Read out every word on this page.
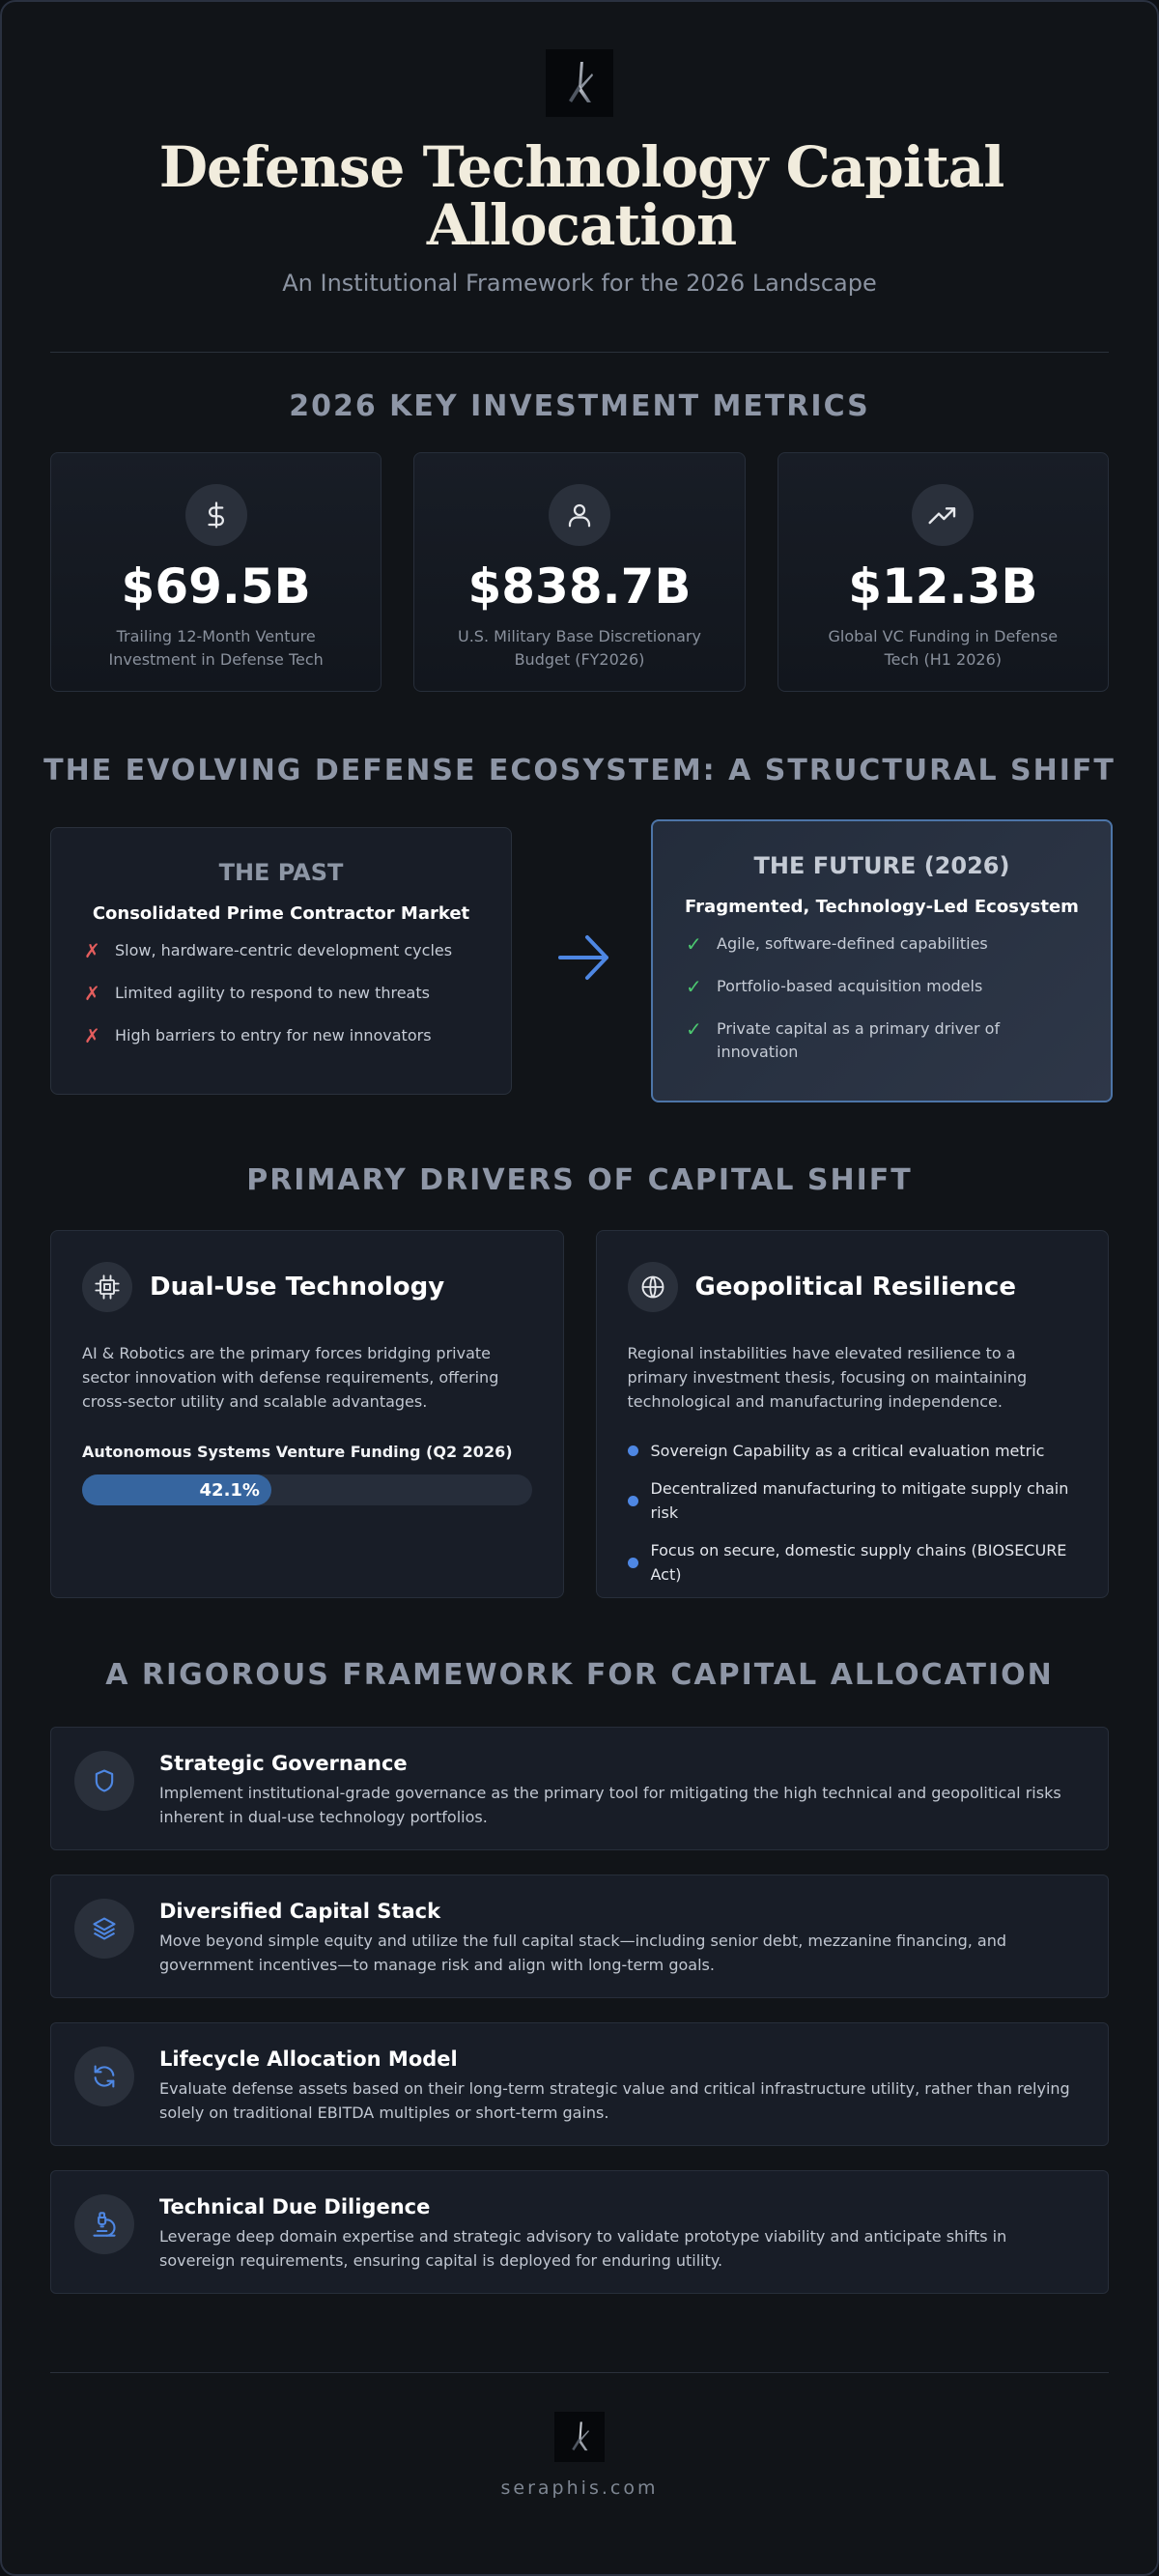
Defense Technology Capital Allocation
An Institutional Framework for the 2026 Landscape
2026 KEY INVESTMENT METRICS
$69.5B
Trailing 12-Month Venture Investment in Defense Tech
$838.7B
U.S. Military Base Discretionary Budget (FY2026)
$12.3B
Global VC Funding in Defense Tech (H1 2026)
THE EVOLVING DEFENSE ECOSYSTEM: A STRUCTURAL SHIFT
THE PAST
Consolidated Prime Contractor Market
✗ Slow, hardware-centric development cycles
✗ Limited agility to respond to new threats
✗ High barriers to entry for new innovators
THE FUTURE (2026)
Fragmented, Technology-Led Ecosystem
✓ Agile, software-defined capabilities
✓ Portfolio-based acquisition models
✓ Private capital as a primary driver of innovation
PRIMARY DRIVERS OF CAPITAL SHIFT
Dual-Use Technology
AI & Robotics are the primary forces bridging private sector innovation with defense requirements, offering cross-sector utility and scalable advantages.
Autonomous Systems Venture Funding (Q2 2026)
42.1%
Geopolitical Resilience
Regional instabilities have elevated resilience to a primary investment thesis, focusing on maintaining technological and manufacturing independence.
Sovereign Capability as a critical evaluation metric
Decentralized manufacturing to mitigate supply chain risk
Focus on secure, domestic supply chains (BIOSECURE Act)
A RIGOROUS FRAMEWORK FOR CAPITAL ALLOCATION
Strategic Governance
Implement institutional-grade governance as the primary tool for mitigating the high technical and geopolitical risks inherent in dual-use technology portfolios.
Diversified Capital Stack
Move beyond simple equity and utilize the full capital stack—including senior debt, mezzanine financing, and government incentives—to manage risk and align with long-term goals.
Lifecycle Allocation Model
Evaluate defense assets based on their long-term strategic value and critical infrastructure utility, rather than relying solely on traditional EBITDA multiples or short-term gains.
Technical Due Diligence
Leverage deep domain expertise and strategic advisory to validate prototype viability and anticipate shifts in sovereign requirements, ensuring capital is deployed for enduring utility.
seraphis.com
